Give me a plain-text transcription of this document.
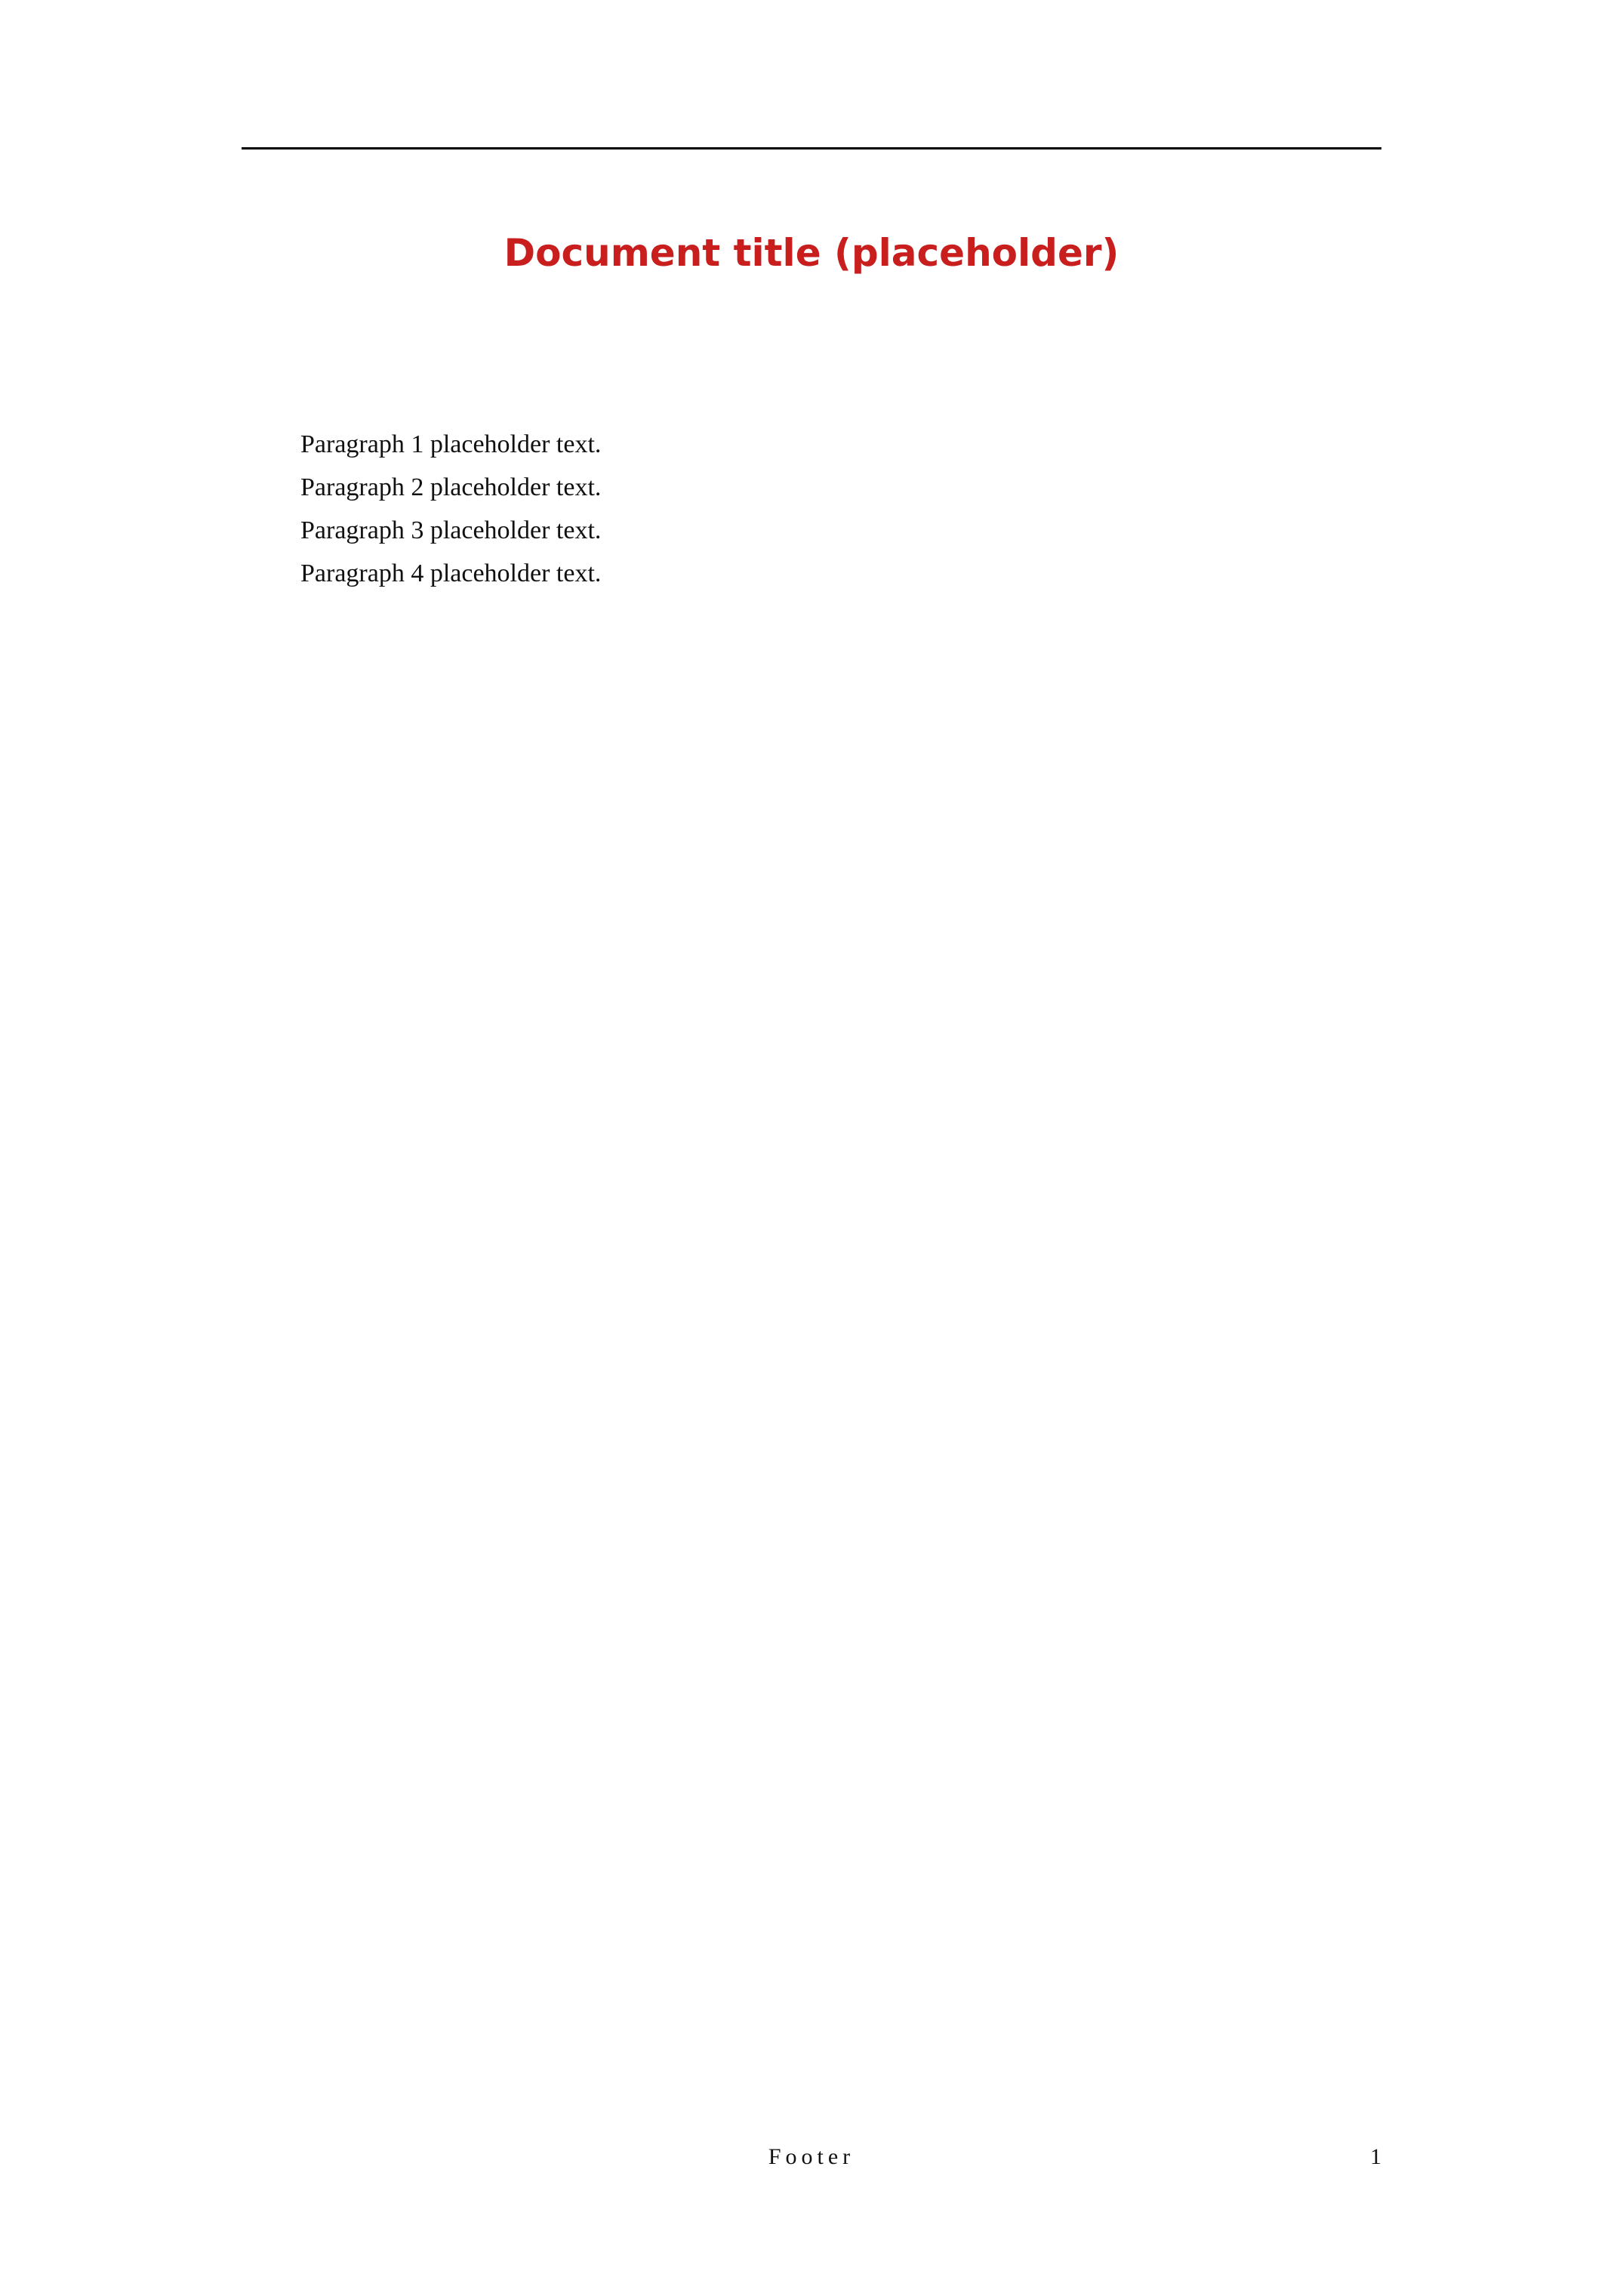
Document title (placeholder)

Paragraph 1 placeholder text.

Paragraph 2 placeholder text.

Paragraph 3 placeholder text.

Paragraph 4 placeholder text.

Footer	1
